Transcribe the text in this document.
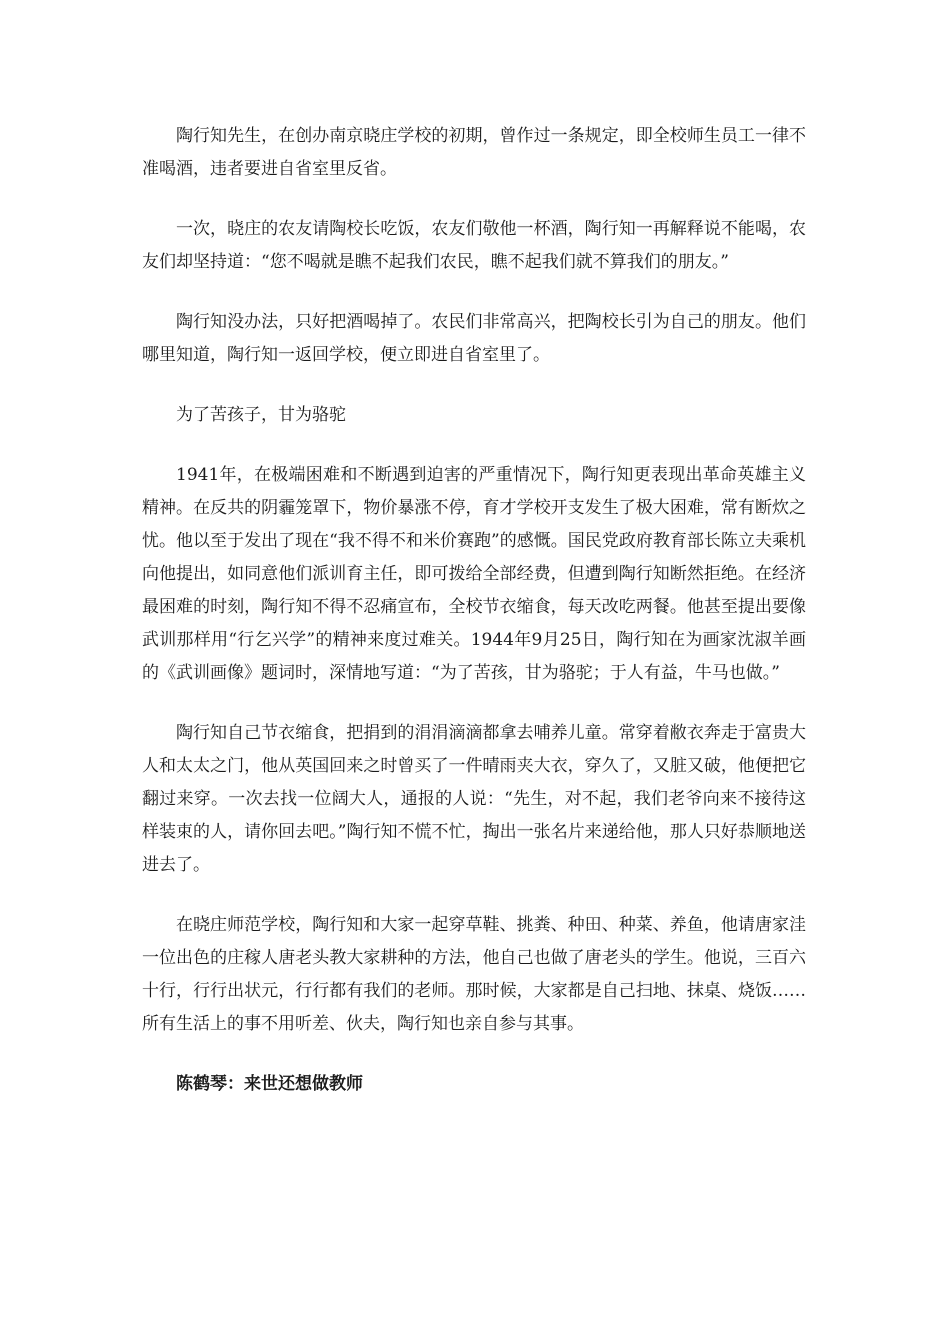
陶行知先生，在创办南京晓庄学校的初期，曾作过一条规定，即全校师生员工一律不准喝酒，违者要进自省室里反省。

一次，晓庄的农友请陶校长吃饭，农友们敬他一杯酒，陶行知一再解释说不能喝，农友们却坚持道：“您不喝就是瞧不起我们农民，瞧不起我们就不算我们的朋友。”

陶行知没办法，只好把酒喝掉了。农民们非常高兴，把陶校长引为自己的朋友。他们哪里知道，陶行知一返回学校，便立即进自省室里了。

为了苦孩子，甘为骆驼

1941年，在极端困难和不断遇到迫害的严重情况下，陶行知更表现出革命英雄主义精神。在反共的阴霾笼罩下，物价暴涨不停，育才学校开支发生了极大困难，常有断炊之忧。他以至于发出了现在“我不得不和米价赛跑”的感慨。国民党政府教育部长陈立夫乘机向他提出，如同意他们派训育主任，即可拨给全部经费，但遭到陶行知断然拒绝。在经济最困难的时刻，陶行知不得不忍痛宣布，全校节衣缩食，每天改吃两餐。他甚至提出要像武训那样用“行乞兴学”的精神来度过难关。1944年9月25日，陶行知在为画家沈淑羊画的《武训画像》题词时，深情地写道：“为了苦孩，甘为骆驼；于人有益，牛马也做。”

陶行知自己节衣缩食，把捐到的涓涓滴滴都拿去哺养儿童。常穿着敝衣奔走于富贵大人和太太之门，他从英国回来之时曾买了一件晴雨夹大衣，穿久了，又脏又破，他便把它翻过来穿。一次去找一位阔大人，通报的人说：“先生，对不起，我们老爷向来不接待这样装束的人，请你回去吧。”陶行知不慌不忙，掏出一张名片来递给他，那人只好恭顺地送进去了。

在晓庄师范学校，陶行知和大家一起穿草鞋、挑粪、种田、种菜、养鱼，他请唐家洼一位出色的庄稼人唐老头教大家耕种的方法，他自己也做了唐老头的学生。他说，三百六十行，行行出状元，行行都有我们的老师。那时候，大家都是自己扫地、抹桌、烧饭……所有生活上的事不用听差、伙夫，陶行知也亲自参与其事。

陈鹤琴：来世还想做教师
